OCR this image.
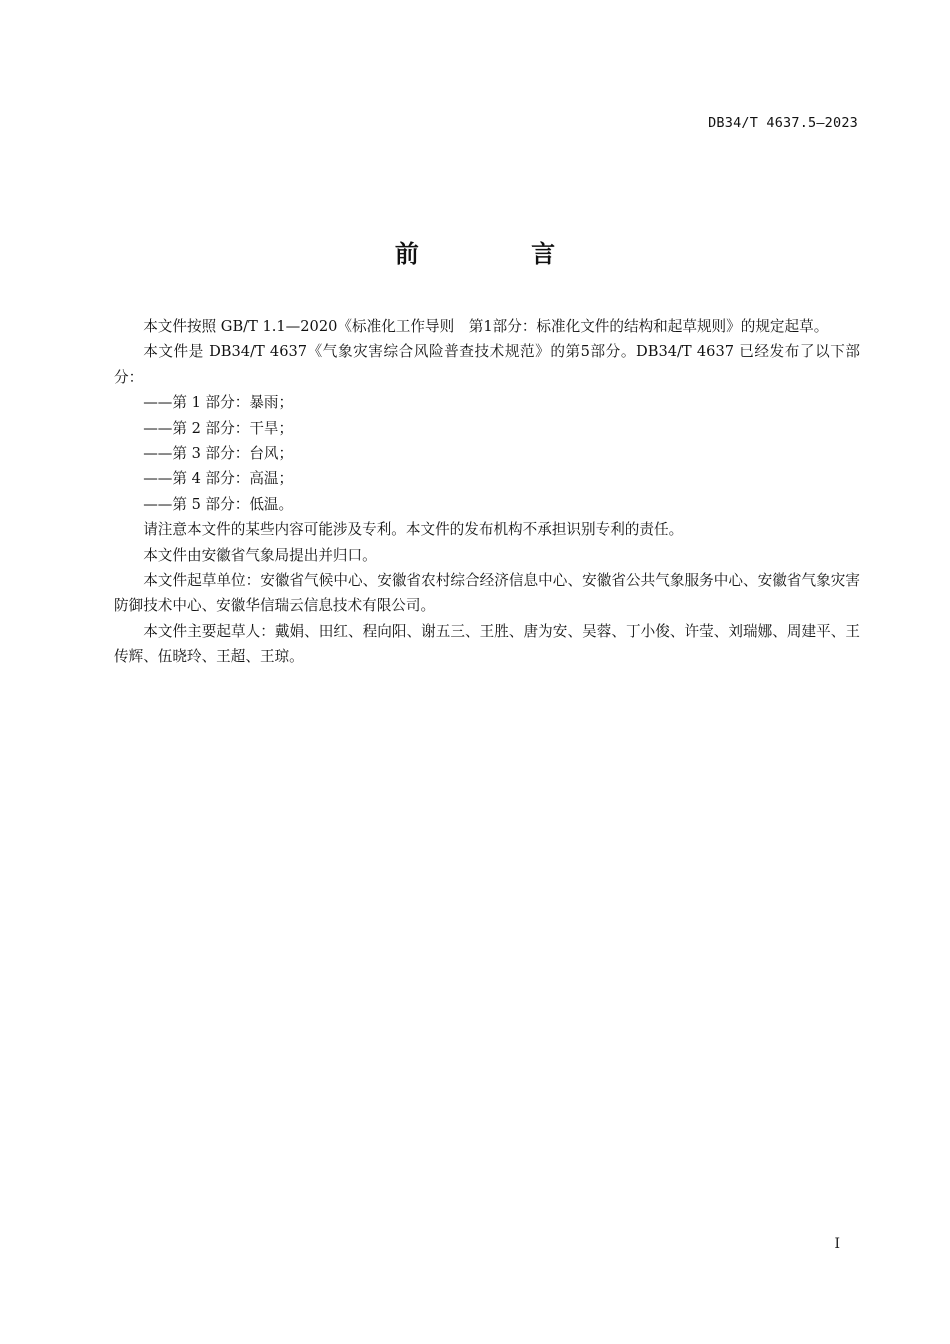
DB34/T 4637.5—2023
前 言

本文件按照 GB/T 1.1—2020《标准化工作导则　第1部分：标准化文件的结构和起草规则》的规定起草。

本文件是 DB34/T 4637《气象灾害综合风险普查技术规范》的第5部分。DB34/T 4637 已经发布了以下部分：

——第 1 部分：暴雨；

——第 2 部分：干旱；

——第 3 部分：台风；

——第 4 部分：高温；

——第 5 部分：低温。

请注意本文件的某些内容可能涉及专利。本文件的发布机构不承担识别专利的责任。

本文件由安徽省气象局提出并归口。

本文件起草单位：安徽省气候中心、安徽省农村综合经济信息中心、安徽省公共气象服务中心、安徽省气象灾害防御技术中心、安徽华信瑞云信息技术有限公司。

本文件主要起草人：戴娟、田红、程向阳、谢五三、王胜、唐为安、吴蓉、丁小俊、许莹、刘瑞娜、周建平、王传辉、伍晓玲、王超、王琼。

I
